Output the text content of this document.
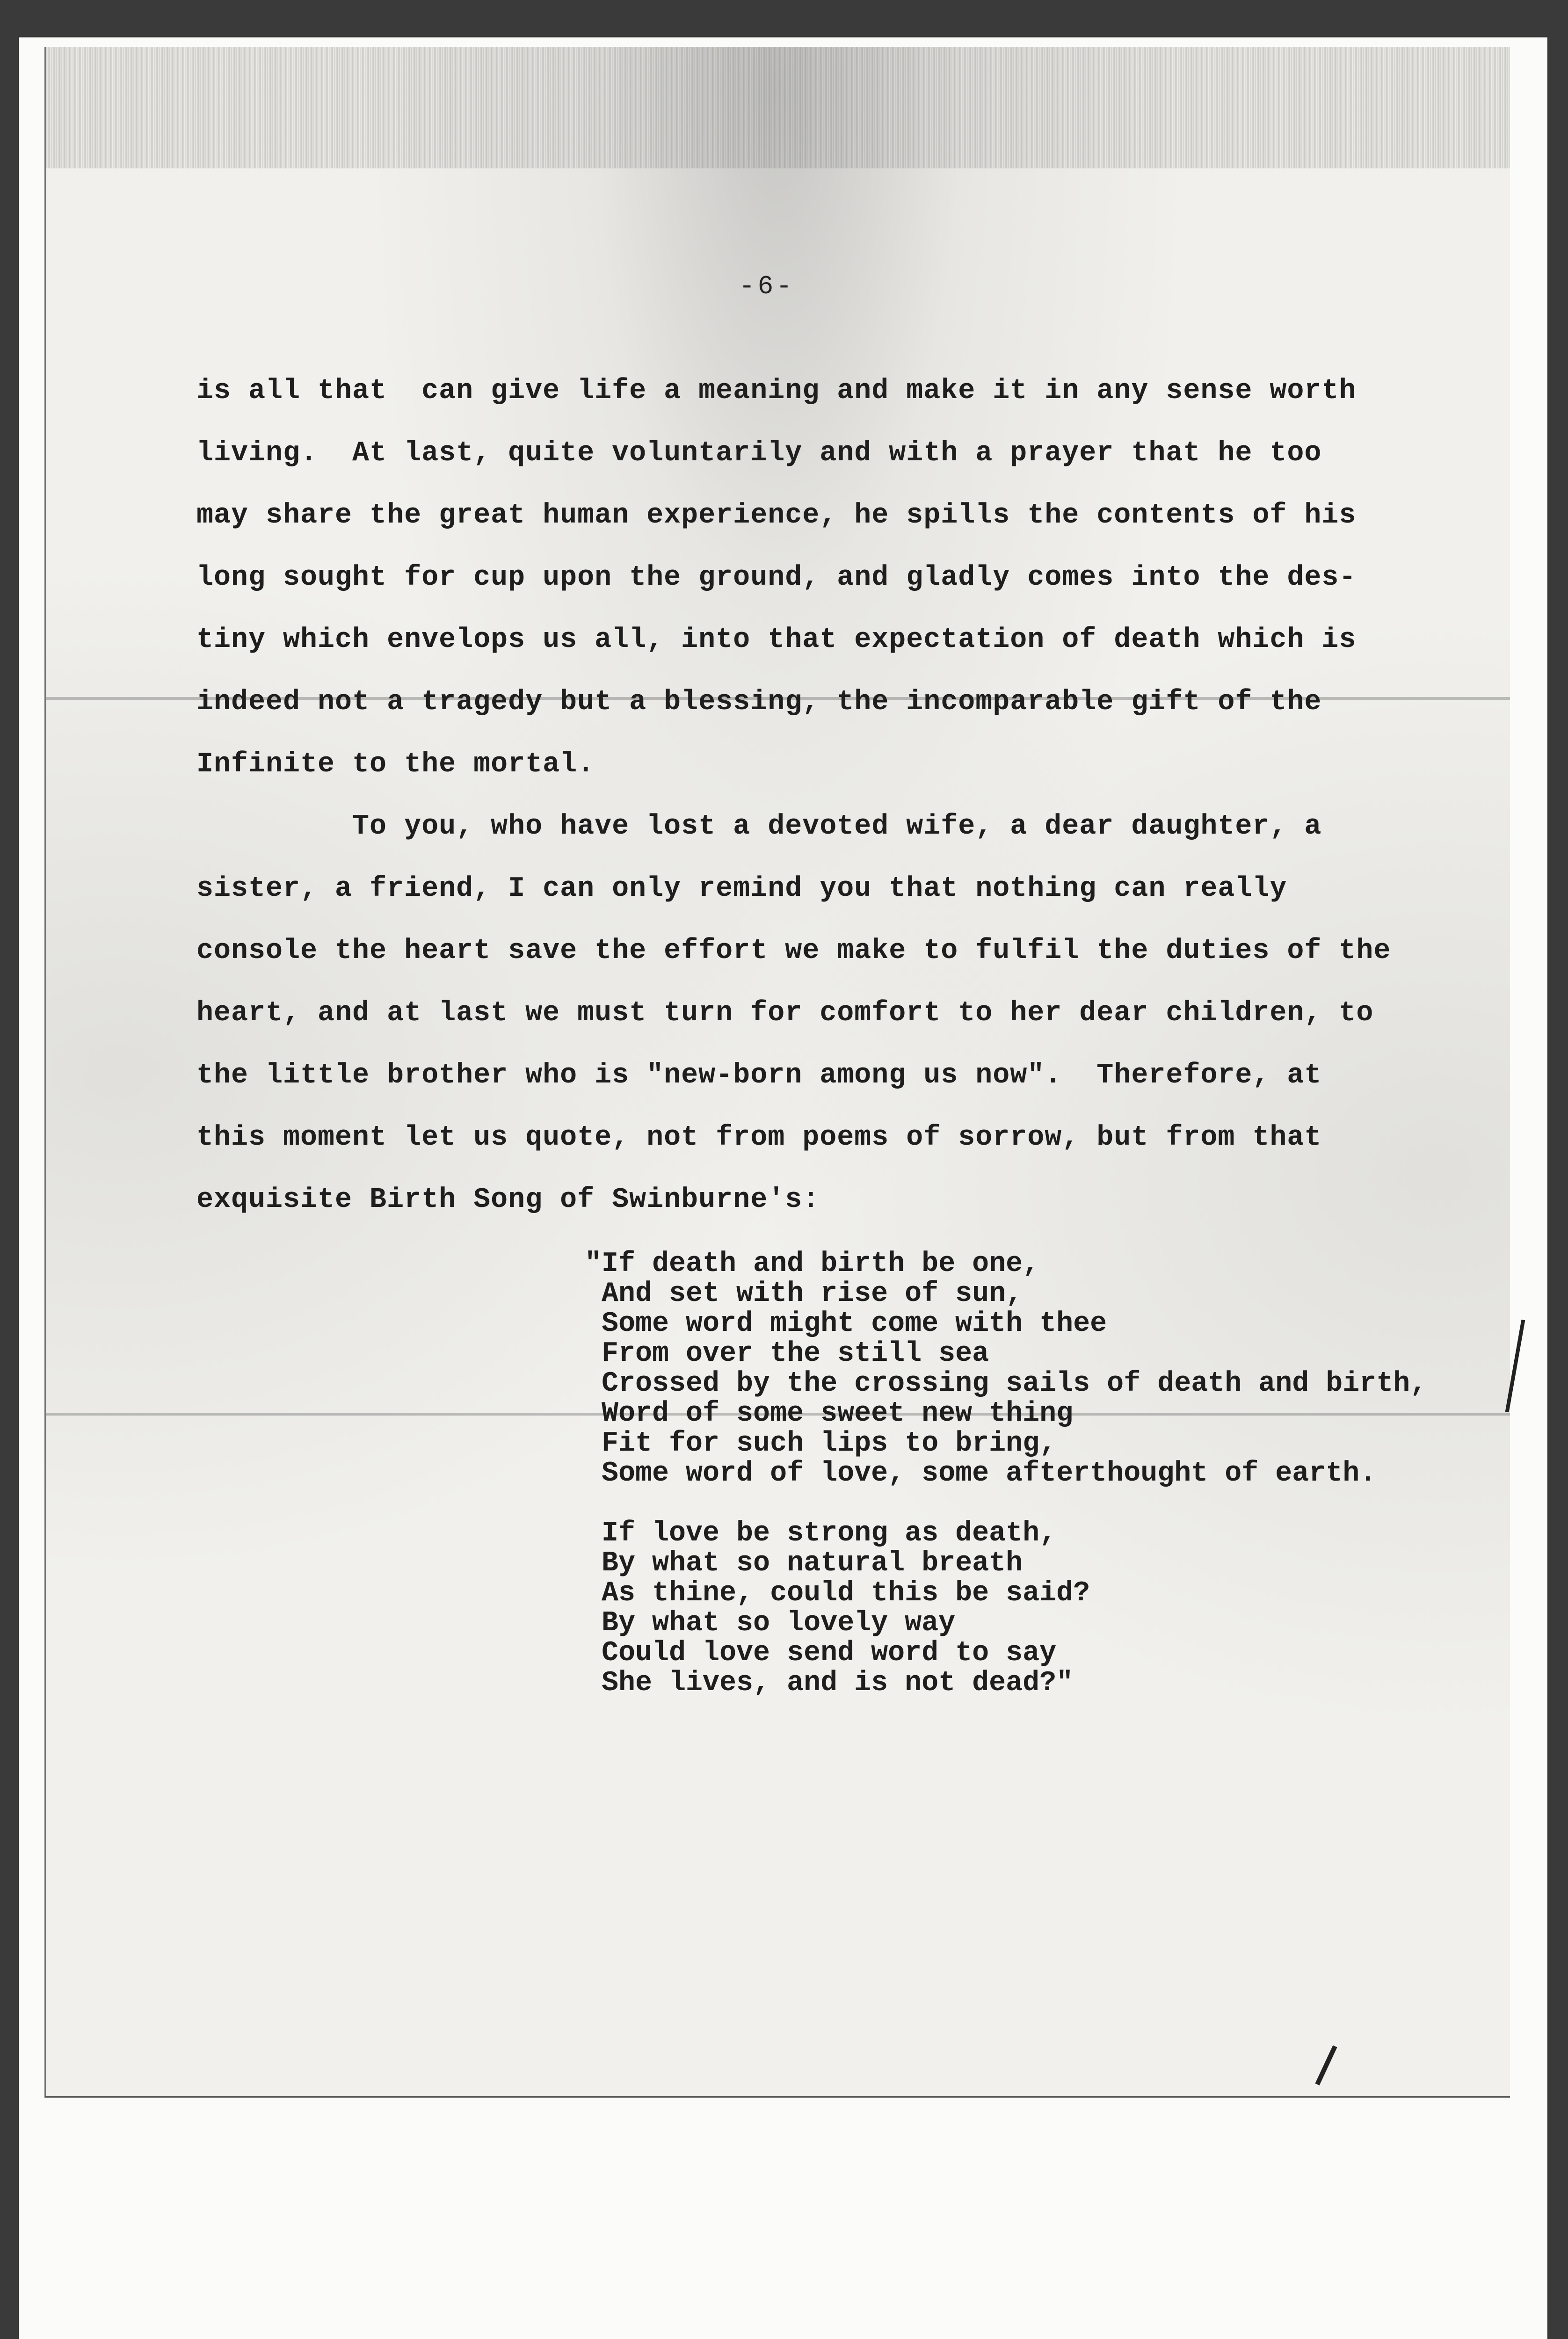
-6-
is all that  can give life a meaning and make it in any sense worth
living.  At last, quite voluntarily and with a prayer that he too
may share the great human experience, he spills the contents of his
long sought for cup upon the ground, and gladly comes into the des-
tiny which envelops us all, into that expectation of death which is
indeed not a tragedy but a blessing, the incomparable gift of the
Infinite to the mortal.
To you, who have lost a devoted wife, a dear daughter, a
sister, a friend, I can only remind you that nothing can really
console the heart save the effort we make to fulfil the duties of the
heart, and at last we must turn for comfort to her dear children, to
the little brother who is "new-born among us now".  Therefore, at
this moment let us quote, not from poems of sorrow, but from that
exquisite Birth Song of Swinburne's:
"If death and birth be one,
And set with rise of sun,
Some word might come with thee
From over the still sea
Crossed by the crossing sails of death and birth,
Word of some sweet new thing
Fit for such lips to bring,
Some word of love, some afterthought of earth.
If love be strong as death,
By what so natural breath
As thine, could this be said?
By what so lovely way
Could love send word to say
She lives, and is not dead?"
